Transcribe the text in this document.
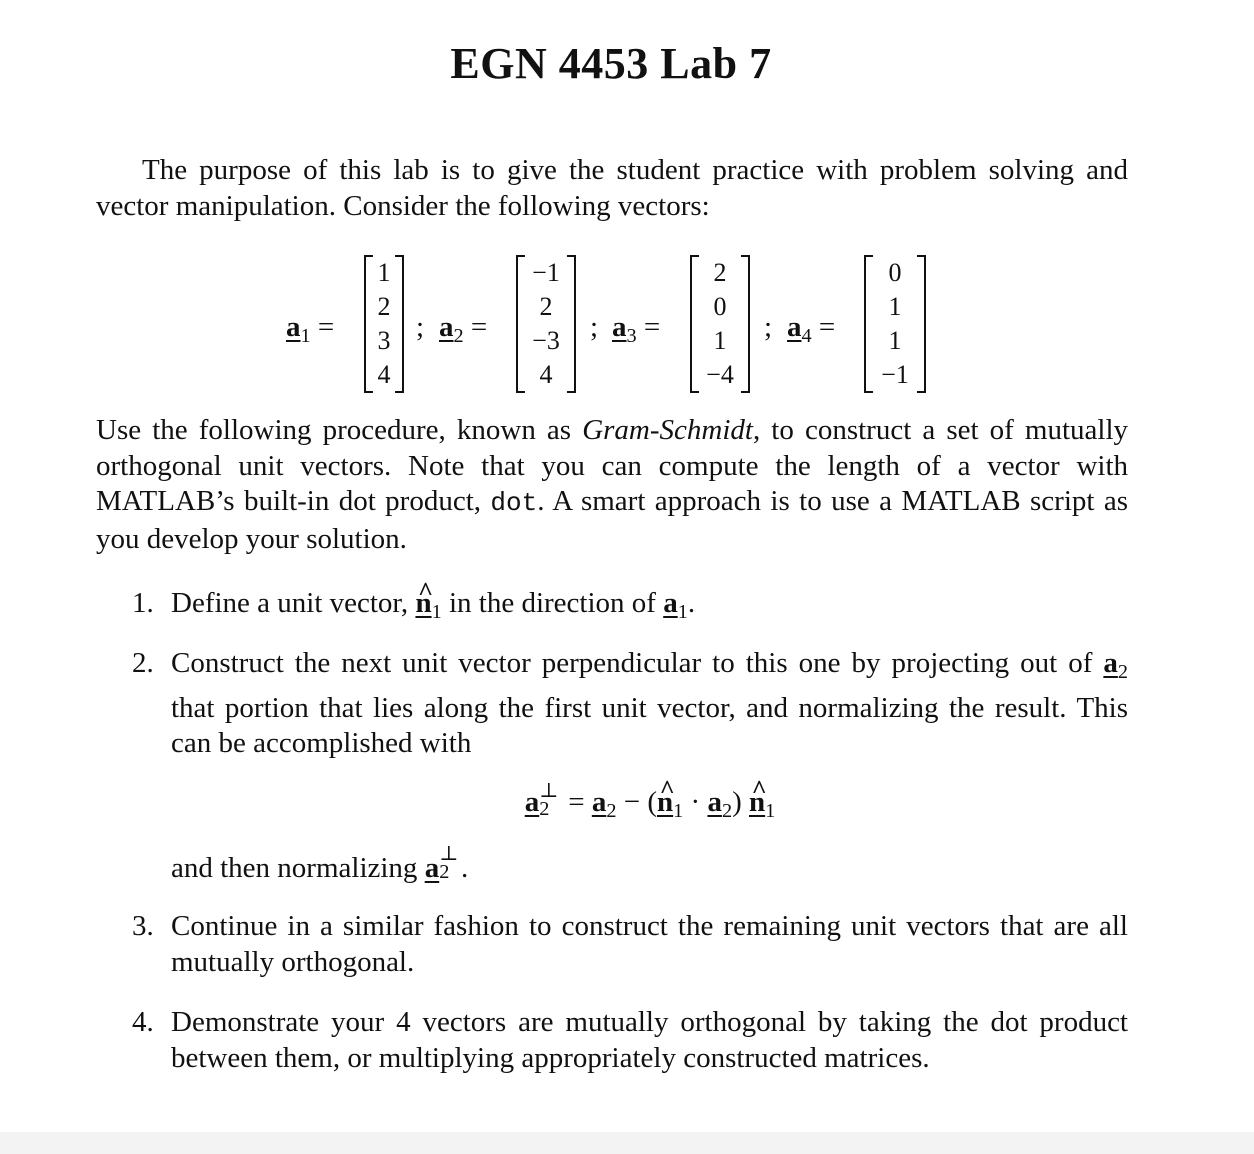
EGN 4453 Lab 7

The purpose of this lab is to give the student practice with problem solving and vector manipulation. Consider the following vectors:

$a_1$ =
1
2
3
4
; $a_2$ =
−1
2
−3
4
; $a_3$ =
2
0
1
−4
; $a_4$ =
0
1
1
−1

Use the following procedure, known as Gram-Schmidt, to construct a set of mutually orthogonal unit vectors. Note that you can compute the length of a vector with MATLAB’s built-in dot product, dot. A smart approach is to use a MATLAB script as you develop your solution.

1. Define a unit vector, ^ $n_1$ in the direction of $a_1$.
2. Construct the next unit vector perpendicular to this one by projecting out of $a_2$ that portion that lies along the first unit vector, and normalizing the result. This can be accomplished with
a ⊥
$2 = a_2$ − (^ $n_1 \cdot a_2$) ^ $n_1$
and then normalizing a ⊥
2 .
3. Continue in a similar fashion to construct the remaining unit vectors that are all mutually orthogonal.
4. Demonstrate your 4 vectors are mutually orthogonal by taking the dot product between them, or multiplying appropriately constructed matrices.
